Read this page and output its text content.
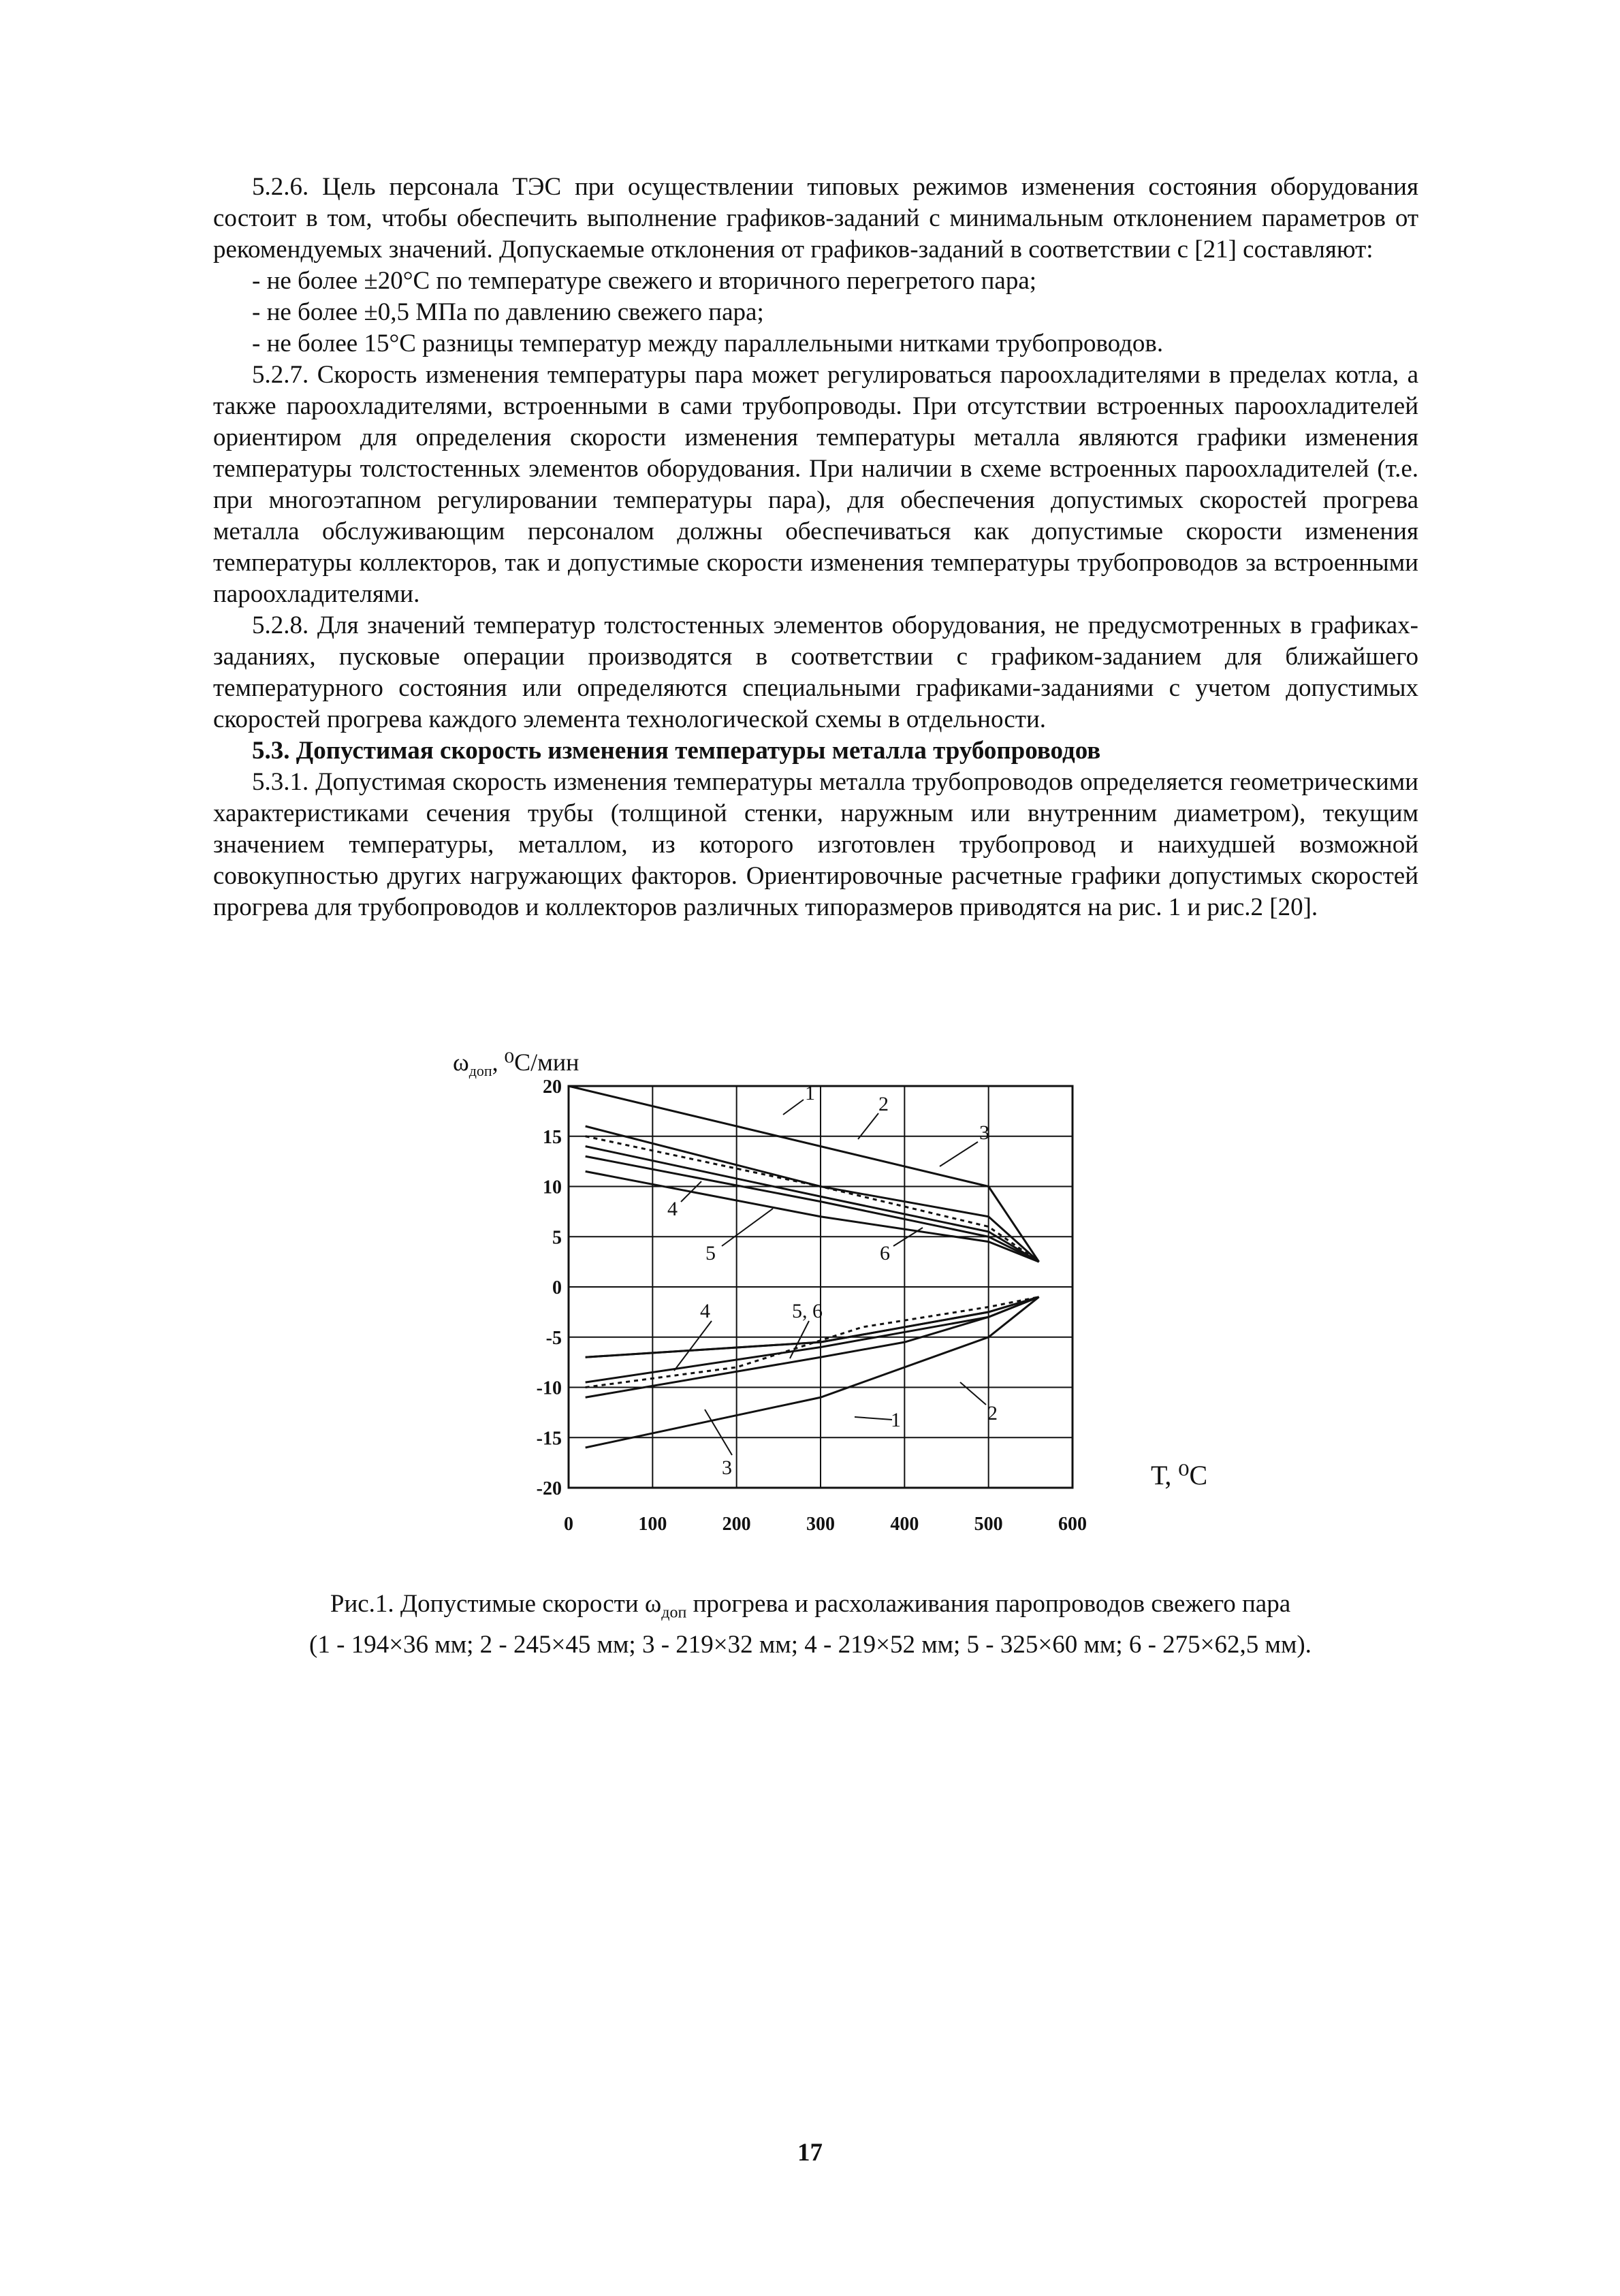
5.2.6. Цель персонала ТЭС при осуществлении типовых режимов изменения состояния оборудования состоит в том, чтобы обеспечить выполнение графиков-заданий с минимальным отклонением параметров от рекомендуемых значений. Допускаемые отклонения от графиков-заданий в соответствии с [21] составляют:

- не более ±20°С по температуре свежего и вторичного перегретого пара;

- не более ±0,5 МПа по давлению свежего пара;

- не более 15°С разницы температур между параллельными нитками трубопроводов.

5.2.7. Скорость изменения температуры пара может регулироваться пароохладителями в пределах котла, а также пароохладителями, встроенными в сами трубопроводы. При отсутствии встроенных пароохладителей ориентиром для определения скорости изменения температуры металла являются графики изменения температуры толстостенных элементов оборудования. При наличии в схеме встроенных пароохладителей (т.е. при многоэтапном регулировании температуры пара), для обеспечения допустимых скоростей прогрева металла обслуживающим персоналом должны обеспечиваться как допустимые скорости изменения температуры коллекторов, так и допустимые скорости изменения температуры трубопроводов за встроенными пароохладителями.

5.2.8. Для значений температур толстостенных элементов оборудования, не предусмотренных в графиках-заданиях, пусковые операции производятся в соответствии с графиком-заданием для ближайшего температурного состояния или определяются специальными графиками-заданиями с учетом допустимых скоростей прогрева каждого элемента технологической схемы в отдельности.

5.3. Допустимая скорость изменения температуры металла трубопроводов

5.3.1. Допустимая скорость изменения температуры металла трубопроводов определяется геометрическими характеристиками сечения трубы (толщиной стенки, наружным или внутренним диаметром), текущим значением температуры, металлом, из которого изготовлен трубопровод и наихудшей возможной совокупностью других нагружающих факторов. Ориентировочные расчетные графики допустимых скоростей прогрева для трубопроводов и коллекторов различных типоразмеров приводятся на рис. 1 и рис.2 [20].

0	100	200	300	400	500	600
20
15
10
5
0
-5
-10
-15
-20
$\omega_{доп}$, ⁰С/мин
Т, ⁰С
1	2
3
4
5	6
4	5, 6
1	2
3
Рис.1. Допустимые скорости $\omega_{доп}$ прогрева и расхолаживания паропроводов свежего пара
(1 - 194×36 мм; 2 - 245×45 мм; 3 - 219×32 мм; 4 - 219×52 мм; 5 - 325×60 мм; 6 - 275×62,5 мм).
17
